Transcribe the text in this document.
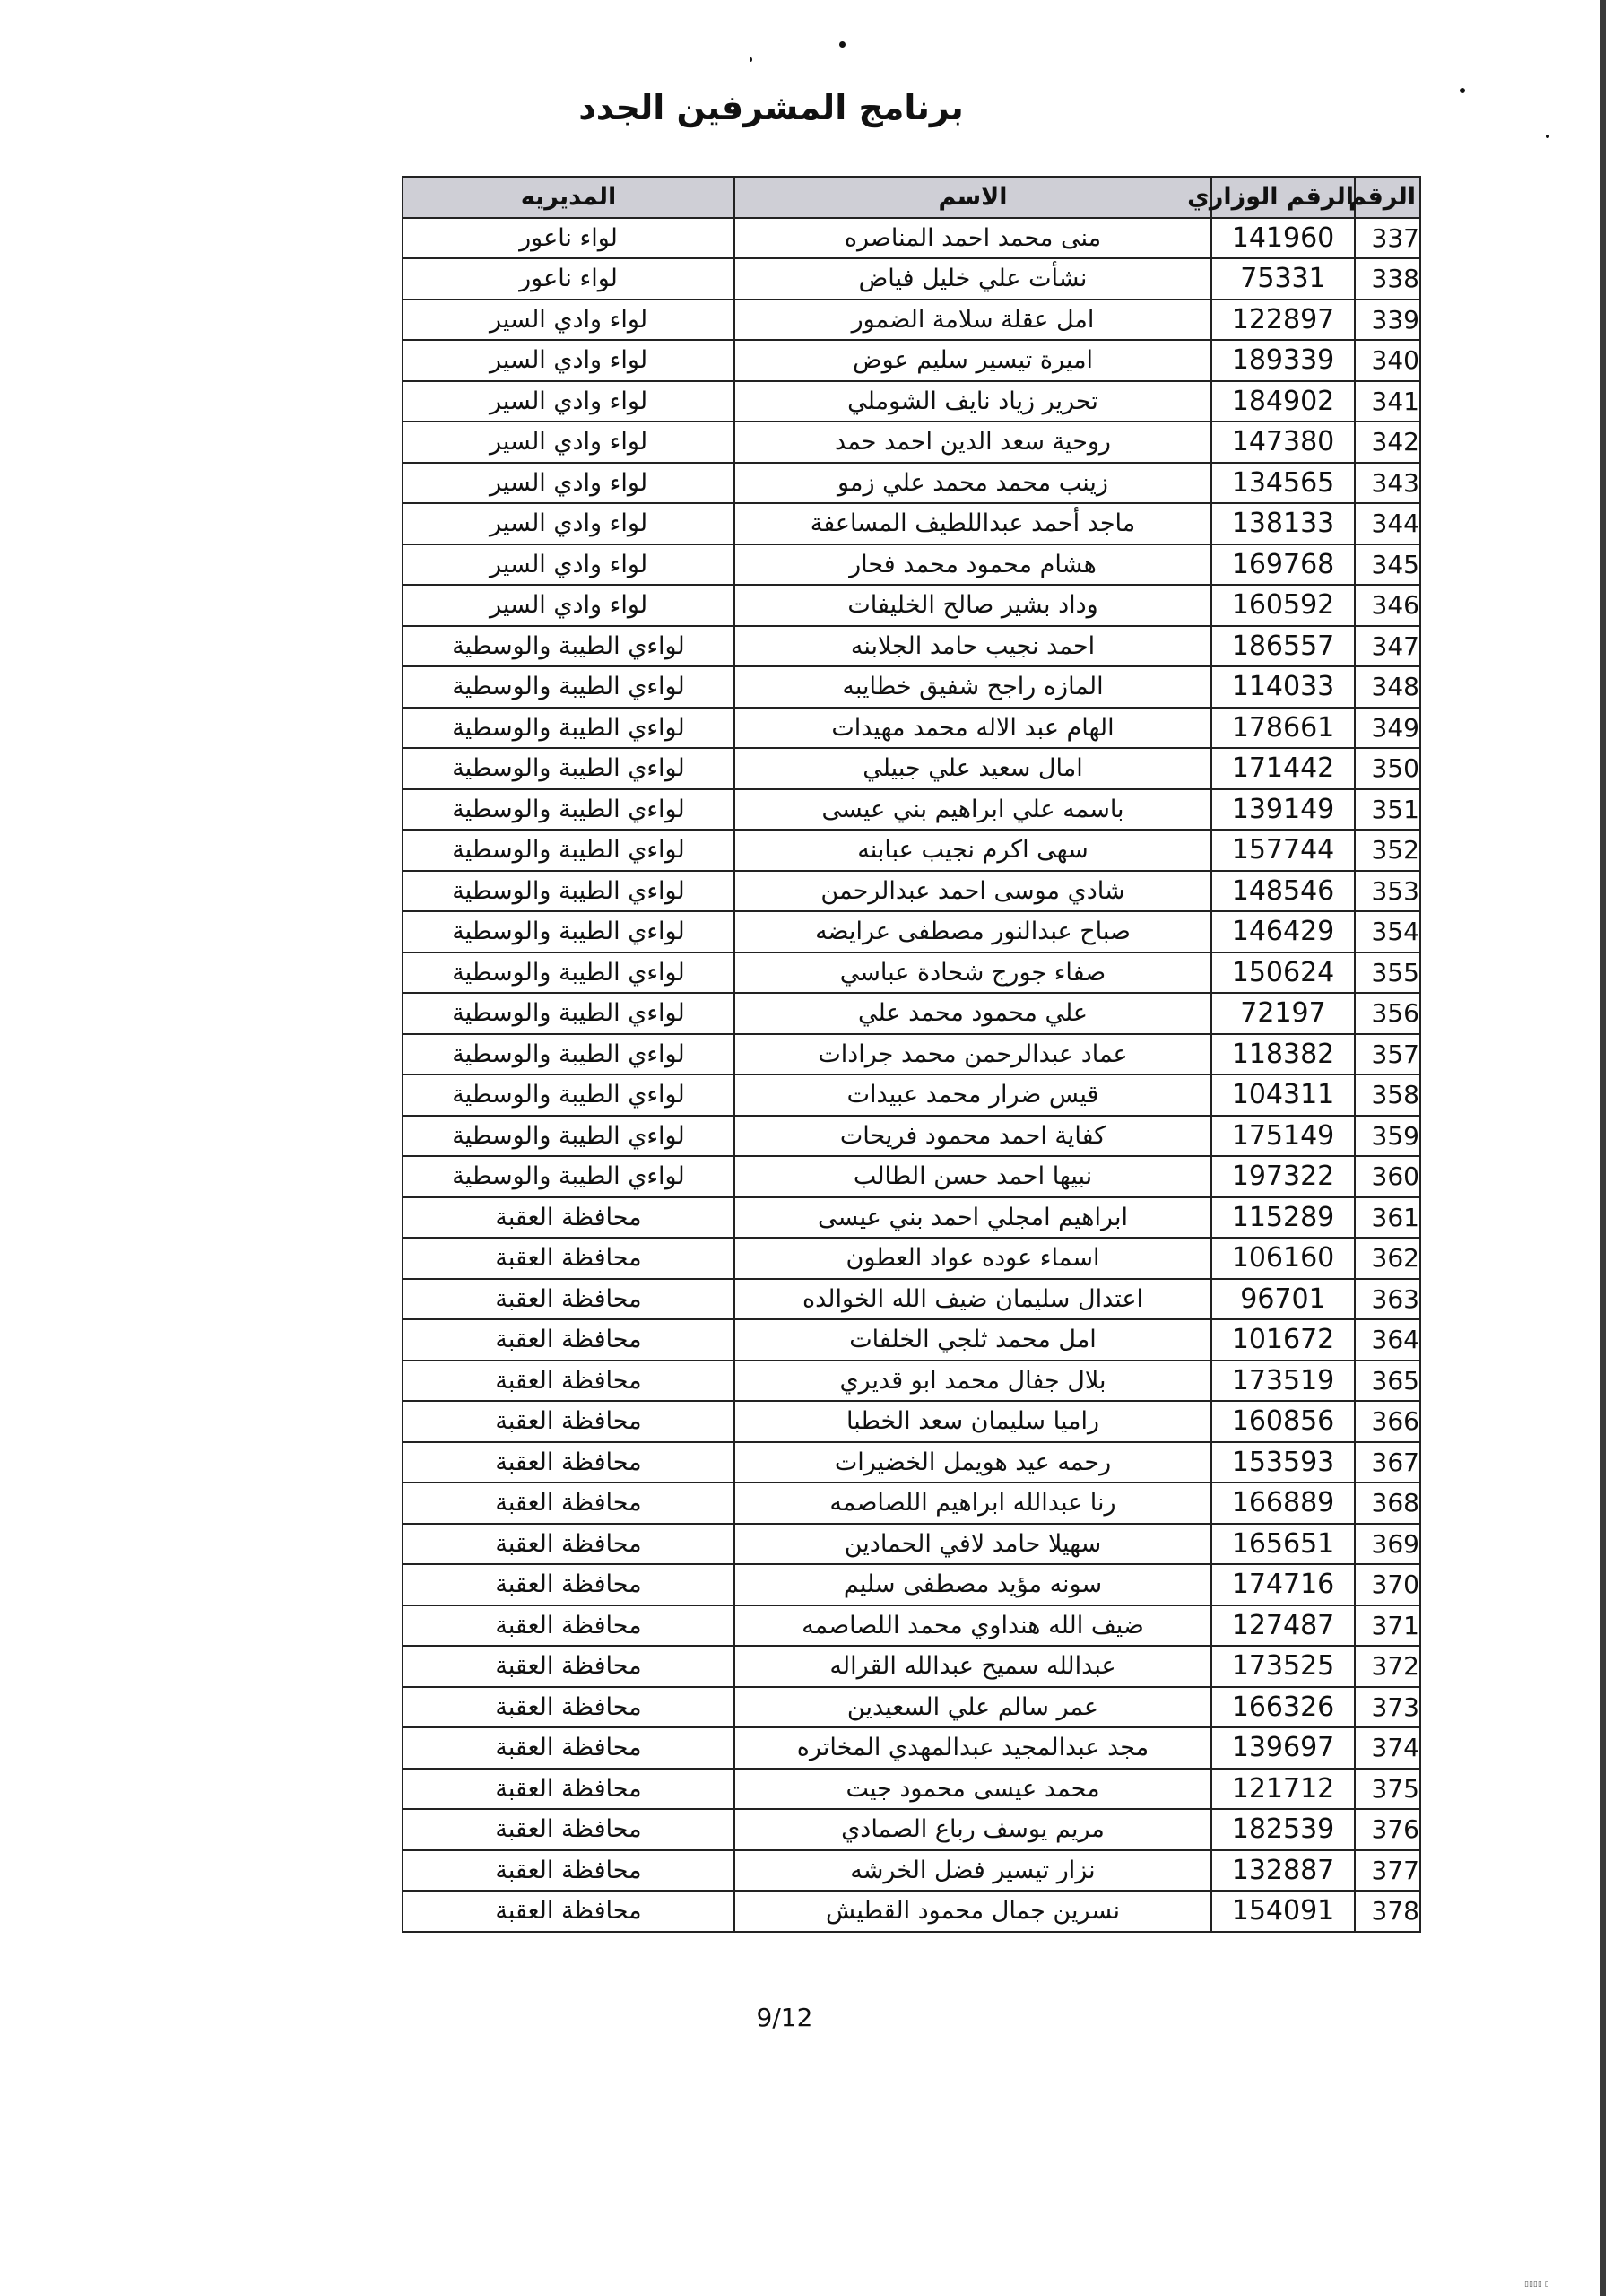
برنامج المشرفين الجدد
الرقم	الرقم الوزاري	الاسم	المديريه
337	141960	منى محمد احمد المناصره	لواء ناعور
338	75331	نشأت علي خليل فياض	لواء ناعور
339	122897	امل عقلة سلامة الضمور	لواء وادي السير
340	189339	اميرة تيسير سليم عوض	لواء وادي السير
341	184902	تحرير زياد نايف الشوملي	لواء وادي السير
342	147380	روحية سعد الدين احمد حمد	لواء وادي السير
343	134565	زينب محمد محمد علي زمو	لواء وادي السير
344	138133	ماجد أحمد عبداللطيف المساعفة	لواء وادي السير
345	169768	هشام محمود محمد فحار	لواء وادي السير
346	160592	وداد بشير صالح الخليفات	لواء وادي السير
347	186557	احمد نجيب حامد الجلابنه	لواءي الطيبة والوسطية
348	114033	المازه راجح شفيق خطايبه	لواءي الطيبة والوسطية
349	178661	الهام عبد الاله محمد مهيدات	لواءي الطيبة والوسطية
350	171442	امال سعيد علي جبيلي	لواءي الطيبة والوسطية
351	139149	باسمه علي ابراهيم بني عيسى	لواءي الطيبة والوسطية
352	157744	سهى اكرم نجيب عبابنه	لواءي الطيبة والوسطية
353	148546	شادي موسى احمد عبدالرحمن	لواءي الطيبة والوسطية
354	146429	صباح عبدالنور مصطفى عرايضه	لواءي الطيبة والوسطية
355	150624	صفاء جورج شحادة عباسي	لواءي الطيبة والوسطية
356	72197	علي محمود محمد علي	لواءي الطيبة والوسطية
357	118382	عماد عبدالرحمن محمد جرادات	لواءي الطيبة والوسطية
358	104311	قيس ضرار محمد عبيدات	لواءي الطيبة والوسطية
359	175149	كفاية احمد محمود فريحات	لواءي الطيبة والوسطية
360	197322	نبيها احمد حسن الطالب	لواءي الطيبة والوسطية
361	115289	ابراهيم امجلي احمد بني عيسى	محافظة العقبة
362	106160	اسماء عوده عواد العطون	محافظة العقبة
363	96701	اعتدال سليمان ضيف الله الخوالده	محافظة العقبة
364	101672	امل محمد ثلجي الخلفات	محافظة العقبة
365	173519	بلال جفال محمد ابو قديري	محافظة العقبة
366	160856	راميا سليمان سعد الخطبا	محافظة العقبة
367	153593	رحمه عيد هويمل الخضيرات	محافظة العقبة
368	166889	رنا عبدالله ابراهيم اللصاصمه	محافظة العقبة
369	165651	سهيلا حامد لافي الحمادين	محافظة العقبة
370	174716	سونه مؤيد مصطفى سليم	محافظة العقبة
371	127487	ضيف الله هنداوي محمد اللصاصمه	محافظة العقبة
372	173525	عبدالله سميح عبدالله القراله	محافظة العقبة
373	166326	عمر سالم علي السعيدين	محافظة العقبة
374	139697	مجد عبدالمجيد عبدالمهدي المخاتره	محافظة العقبة
375	121712	محمد عيسى محمود جيت	محافظة العقبة
376	182539	مريم يوسف رباع الصمادي	محافظة العقبة
377	132887	نزار تيسير فضل الخرشه	محافظة العقبة
378	154091	نسرين جمال محمود القطيش	محافظة العقبة
9/12
▯ ▯▯▯▯
